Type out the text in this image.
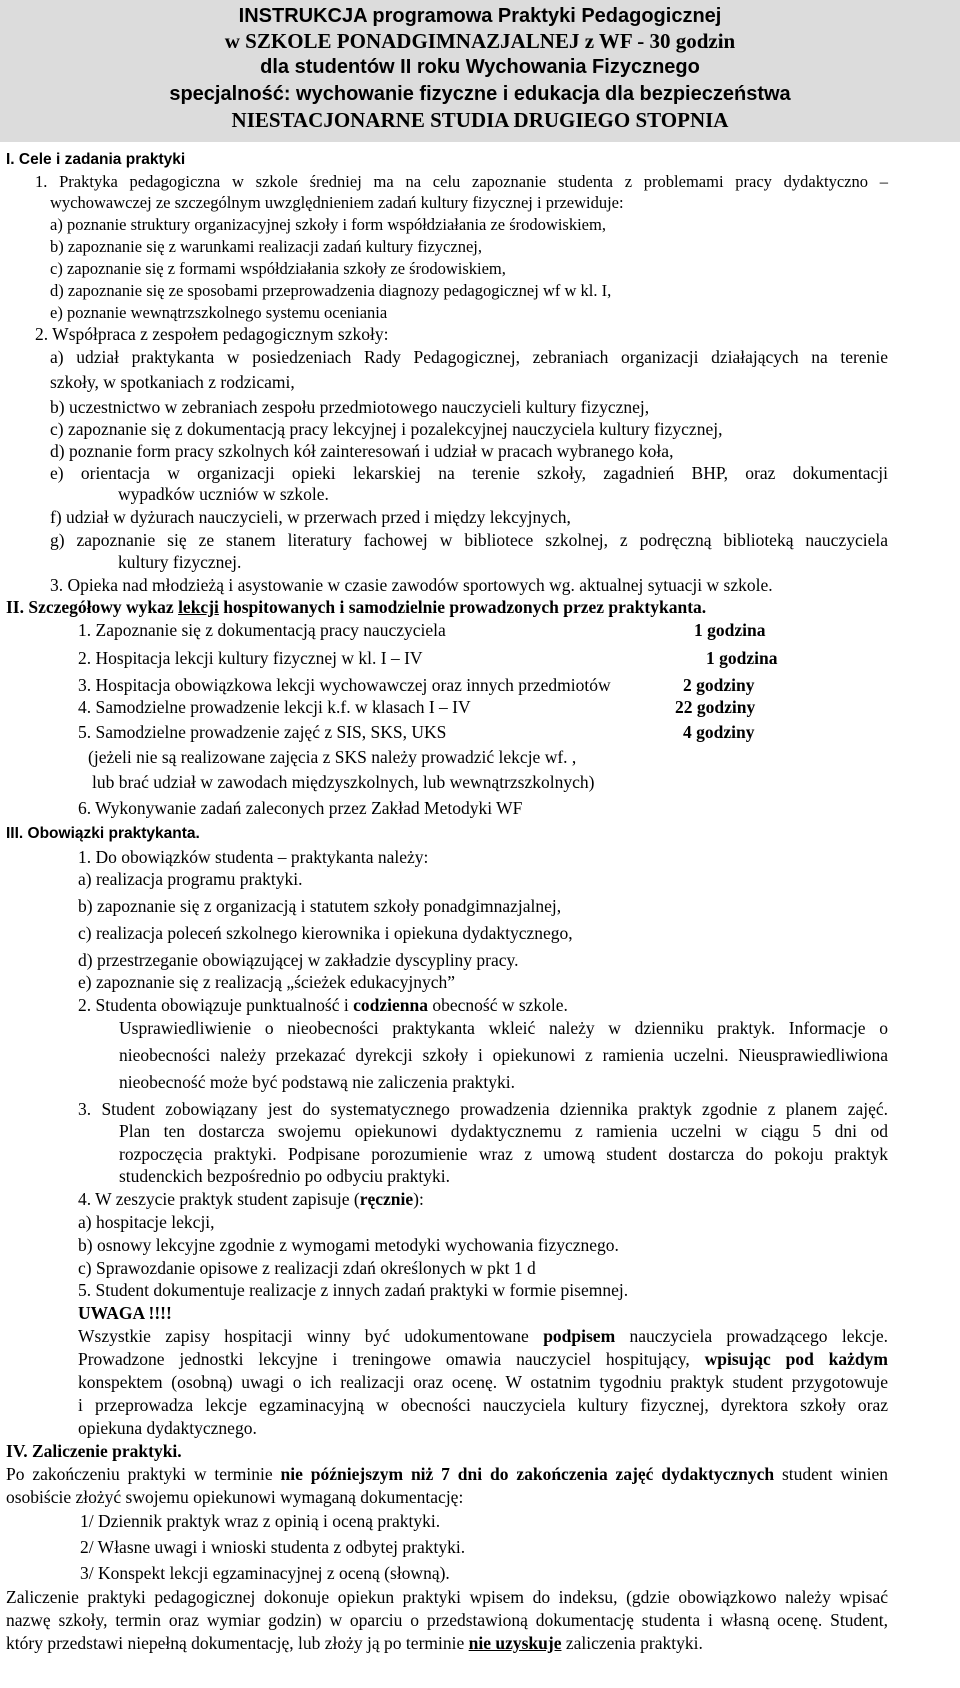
INSTRUKCJA programowa Praktyki Pedagogicznej
w SZKOLE PONADGIMNAZJALNEJ z WF - 30 godzin
dla studentów II roku Wychowania Fizycznego
specjalność: wychowanie fizyczne i edukacja dla bezpieczeństwa
NIESTACJONARNE STUDIA DRUGIEGO STOPNIA
I. Cele i zadania praktyki
1. Praktyka pedagogiczna w szkole średniej ma na celu zapoznanie studenta z problemami pracy dydaktyczno –
wychowawczej ze szczególnym uwzględnieniem zadań kultury fizycznej i przewiduje:
a) poznanie struktury organizacyjnej szkoły i form współdziałania ze środowiskiem,
b) zapoznanie się z warunkami realizacji zadań kultury fizycznej,
c) zapoznanie się z formami współdziałania szkoły ze środowiskiem,
d) zapoznanie się ze sposobami przeprowadzenia diagnozy pedagogicznej wf w kl. I,
e) poznanie wewnątrzszkolnego systemu oceniania
2. Współpraca z zespołem pedagogicznym szkoły:
a) udział praktykanta w posiedzeniach Rady Pedagogicznej, zebraniach organizacji działających na terenie
szkoły, w spotkaniach z rodzicami,
b) uczestnictwo w zebraniach zespołu przedmiotowego nauczycieli kultury fizycznej,
c) zapoznanie się z dokumentacją pracy lekcyjnej i pozalekcyjnej nauczyciela kultury fizycznej,
d) poznanie form pracy szkolnych kół zainteresowań i udział w pracach wybranego koła,
e) orientacja w organizacji opieki lekarskiej na terenie szkoły, zagadnień BHP, oraz dokumentacji
wypadków uczniów w szkole.
f) udział w dyżurach nauczycieli, w przerwach przed i między lekcyjnych,
g) zapoznanie się ze stanem literatury fachowej w bibliotece szkolnej, z podręczną biblioteką nauczyciela
kultury fizycznej.
3. Opieka nad młodzieżą i asystowanie w czasie zawodów sportowych wg. aktualnej sytuacji w szkole.
II. Szczegółowy wykaz lekcji hospitowanych i samodzielnie prowadzonych przez praktykanta.
1. Zapoznanie się z dokumentacją pracy nauczyciela	1 godzina
2. Hospitacja lekcji kultury fizycznej w kl. I – IV	1 godzina
3. Hospitacja obowiązkowa lekcji wychowawczej oraz innych przedmiotów	2 godziny
4. Samodzielne prowadzenie lekcji k.f. w klasach I – IV	22 godziny
5. Samodzielne prowadzenie zajęć z SIS, SKS, UKS	4 godziny
(jeżeli nie są realizowane zajęcia z SKS należy prowadzić lekcje wf. ,
lub brać udział w zawodach międzyszkolnych, lub wewnątrzszkolnych)
6. Wykonywanie zadań zaleconych przez Zakład Metodyki WF
III. Obowiązki praktykanta.
1. Do obowiązków studenta – praktykanta należy:
a) realizacja programu praktyki.
b) zapoznanie się z organizacją i statutem szkoły ponadgimnazjalnej,
c) realizacja poleceń szkolnego kierownika i opiekuna dydaktycznego,
d) przestrzeganie obowiązującej w zakładzie dyscypliny pracy.
e) zapoznanie się z realizacją „ścieżek edukacyjnych”
2. Studenta obowiązuje punktualność i codzienna obecność w szkole.
Usprawiedliwienie o nieobecności praktykanta wkleić należy w dzienniku praktyk. Informacje o
nieobecności należy przekazać dyrekcji szkoły i opiekunowi z ramienia uczelni. Nieusprawiedliwiona
nieobecność może być podstawą nie zaliczenia praktyki.
3. Student zobowiązany jest do systematycznego prowadzenia dziennika praktyk zgodnie z planem zajęć.
Plan ten dostarcza swojemu opiekunowi dydaktycznemu z ramienia uczelni w ciągu 5 dni od
rozpoczęcia praktyki. Podpisane porozumienie wraz z umową student dostarcza do pokoju praktyk
studenckich bezpośrednio po odbyciu praktyki.
4. W zeszycie praktyk student zapisuje (ręcznie):
a) hospitacje lekcji,
b) osnowy lekcyjne zgodnie z wymogami metodyki wychowania fizycznego.
c) Sprawozdanie opisowe z realizacji zdań określonych w pkt 1 d
5. Student dokumentuje realizacje z innych zadań praktyki w formie pisemnej.
UWAGA !!!!
Wszystkie zapisy hospitacji winny być udokumentowane podpisem nauczyciela prowadzącego lekcje.
Prowadzone jednostki lekcyjne i treningowe omawia nauczyciel hospitujący, wpisując pod każdym
konspektem (osobną) uwagi o ich realizacji oraz ocenę. W ostatnim tygodniu praktyk student przygotowuje
i przeprowadza lekcje egzaminacyjną w obecności nauczyciela kultury fizycznej, dyrektora szkoły oraz
opiekuna dydaktycznego.
IV. Zaliczenie praktyki.
Po zakończeniu praktyki w terminie nie późniejszym niż 7 dni do zakończenia zajęć dydaktycznych student winien
osobiście złożyć swojemu opiekunowi wymaganą dokumentację:
1/ Dziennik praktyk wraz z opinią i oceną praktyki.
2/ Własne uwagi i wnioski studenta z odbytej praktyki.
3/ Konspekt lekcji egzaminacyjnej z oceną (słowną).
Zaliczenie praktyki pedagogicznej dokonuje opiekun praktyki wpisem do indeksu, (gdzie obowiązkowo należy wpisać
nazwę szkoły, termin oraz wymiar godzin) w oparciu o przedstawioną dokumentację studenta i własną ocenę. Student,
który przedstawi niepełną dokumentację, lub złoży ją po terminie nie uzyskuje zaliczenia praktyki.
